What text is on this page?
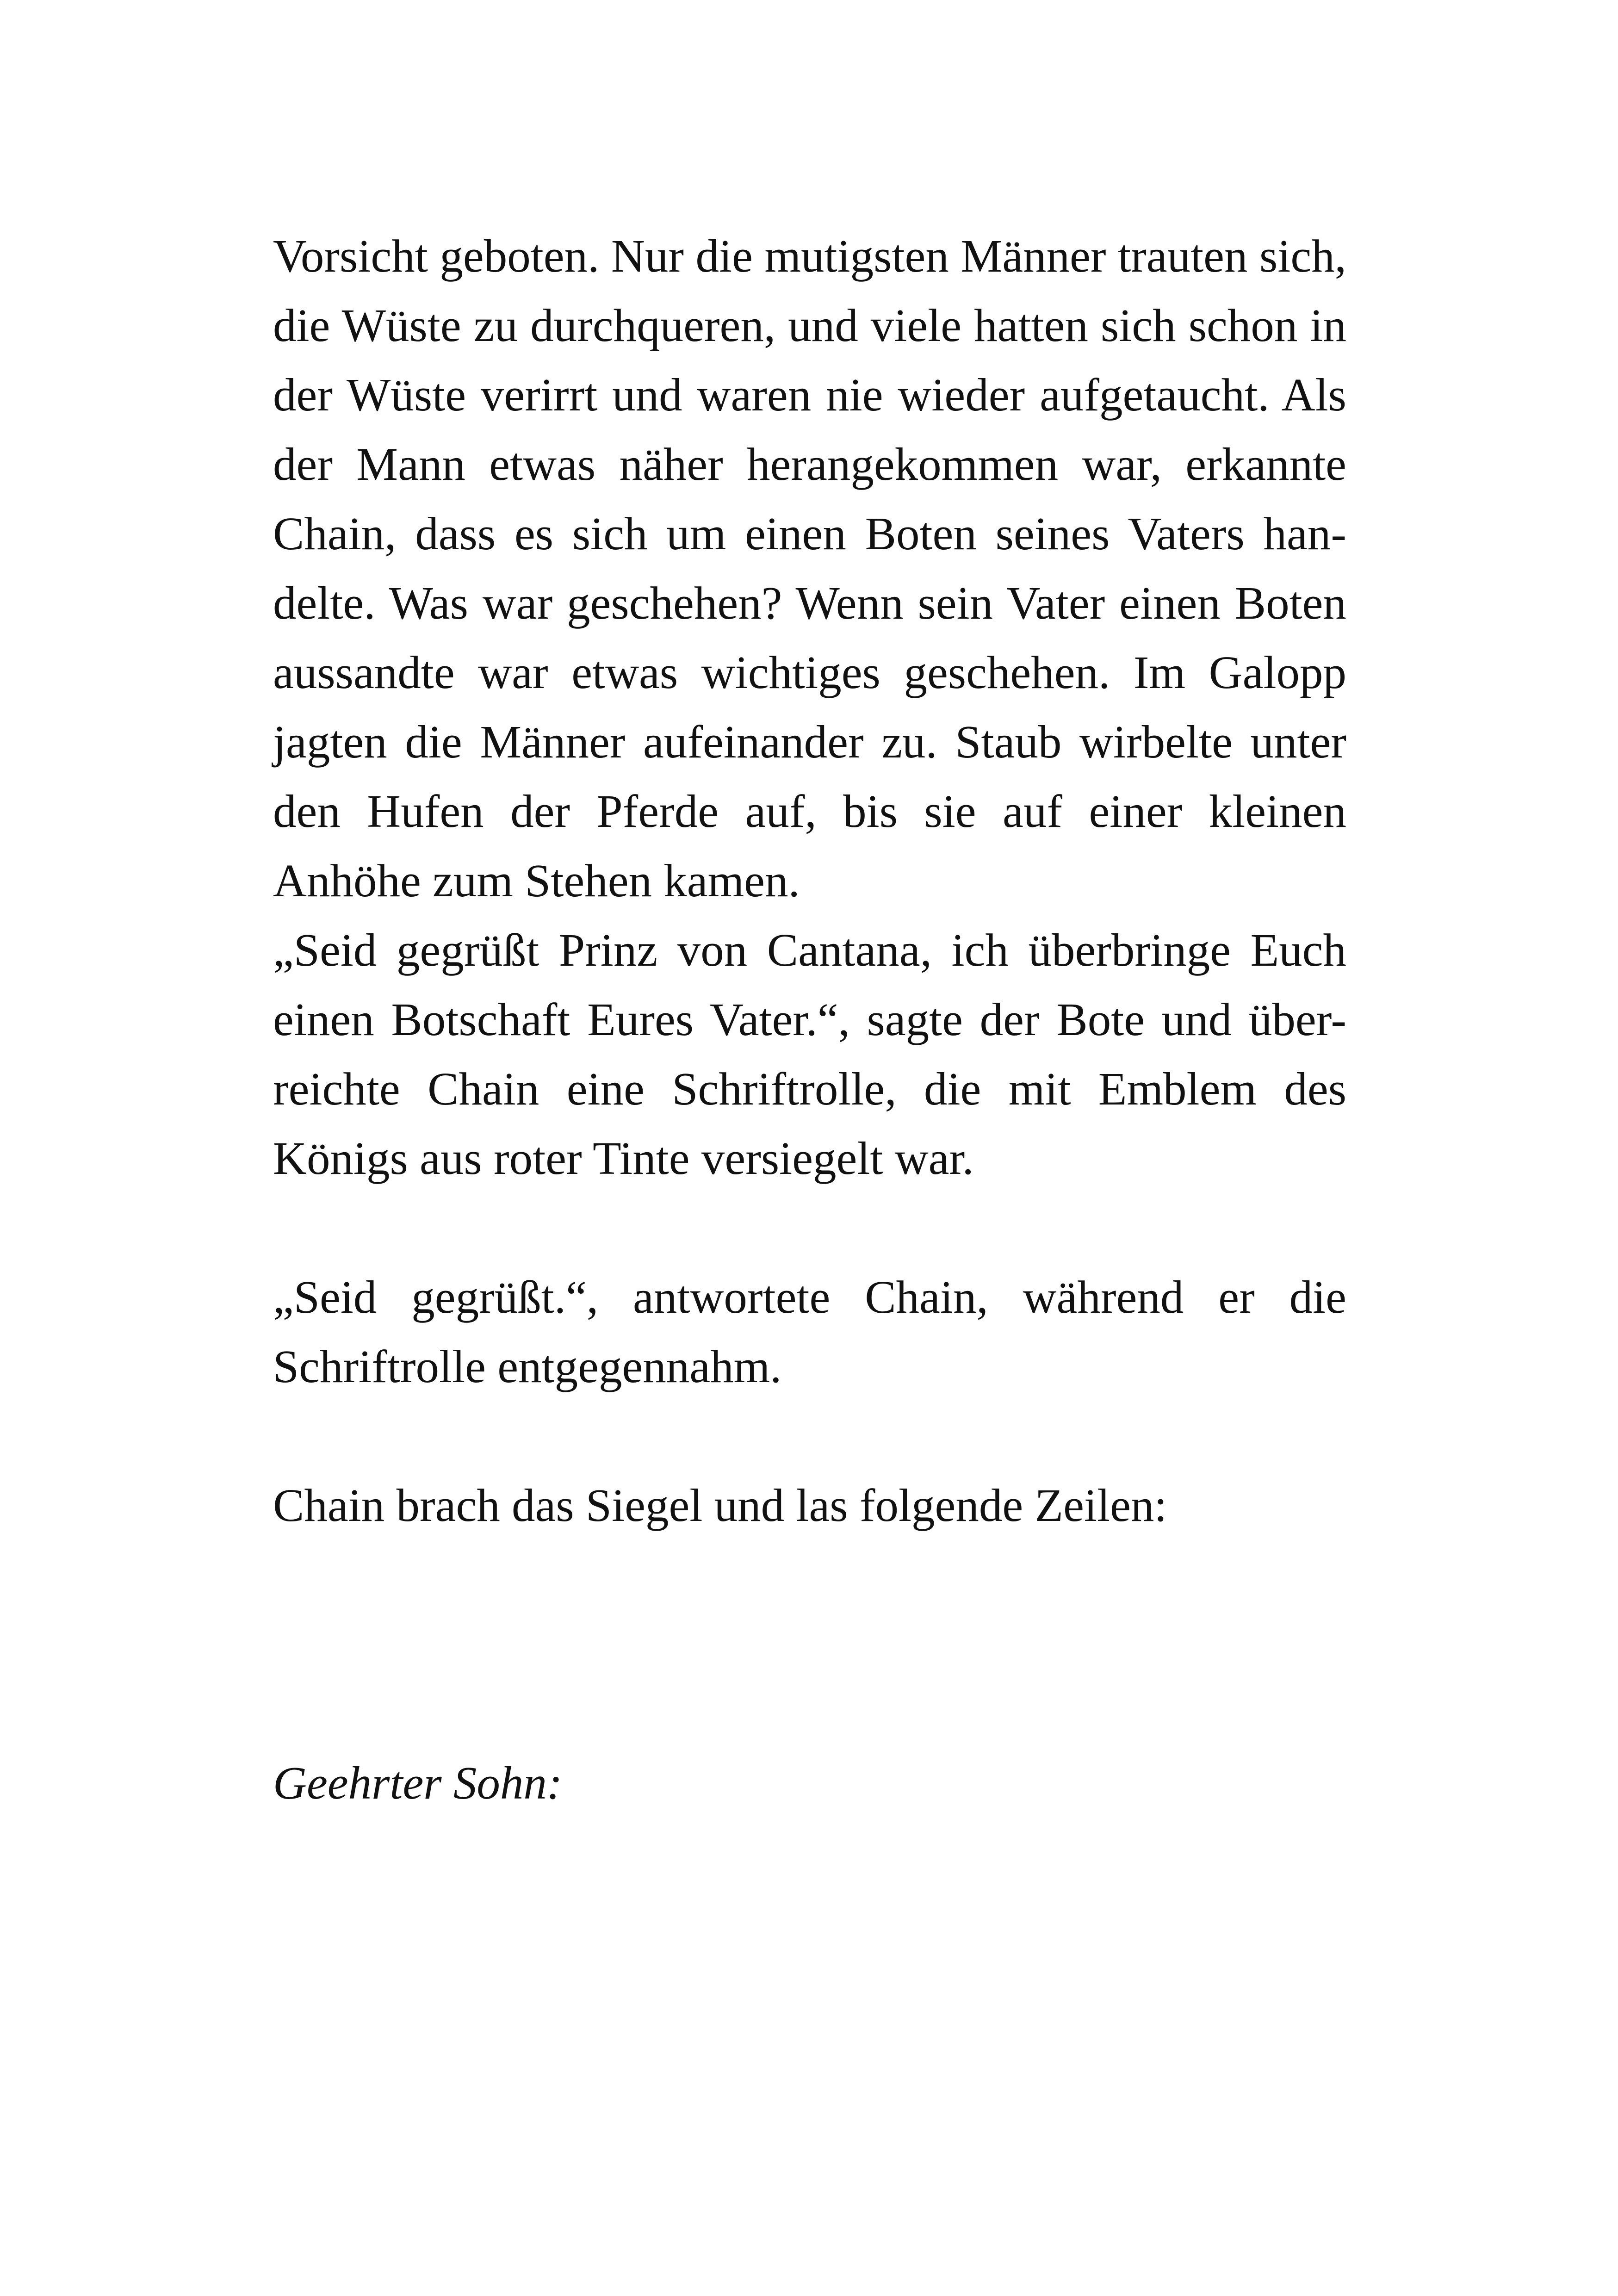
Vorsicht geboten. Nur die mutigsten Männer trauten sich,
die Wüste zu durchqueren, und viele hatten sich schon in
der Wüste verirrt und waren nie wieder aufgetaucht. Als
der Mann etwas näher herangekommen war, erkannte
Chain, dass es sich um einen Boten seines Vaters han-
delte. Was war geschehen? Wenn sein Vater einen Boten
aussandte war etwas wichtiges geschehen. Im Galopp
jagten die Männer aufeinander zu. Staub wirbelte unter
den Hufen der Pferde auf, bis sie auf einer kleinen
Anhöhe zum Stehen kamen.
„Seid gegrüßt Prinz von Cantana, ich überbringe Euch
einen Botschaft Eures Vater.“, sagte der Bote und über-
reichte Chain eine Schriftrolle, die mit Emblem des
Königs aus roter Tinte versiegelt war.
„Seid gegrüßt.“, antwortete Chain, während er die
Schriftrolle entgegennahm.
Chain brach das Siegel und las folgende Zeilen:
Geehrter Sohn:
